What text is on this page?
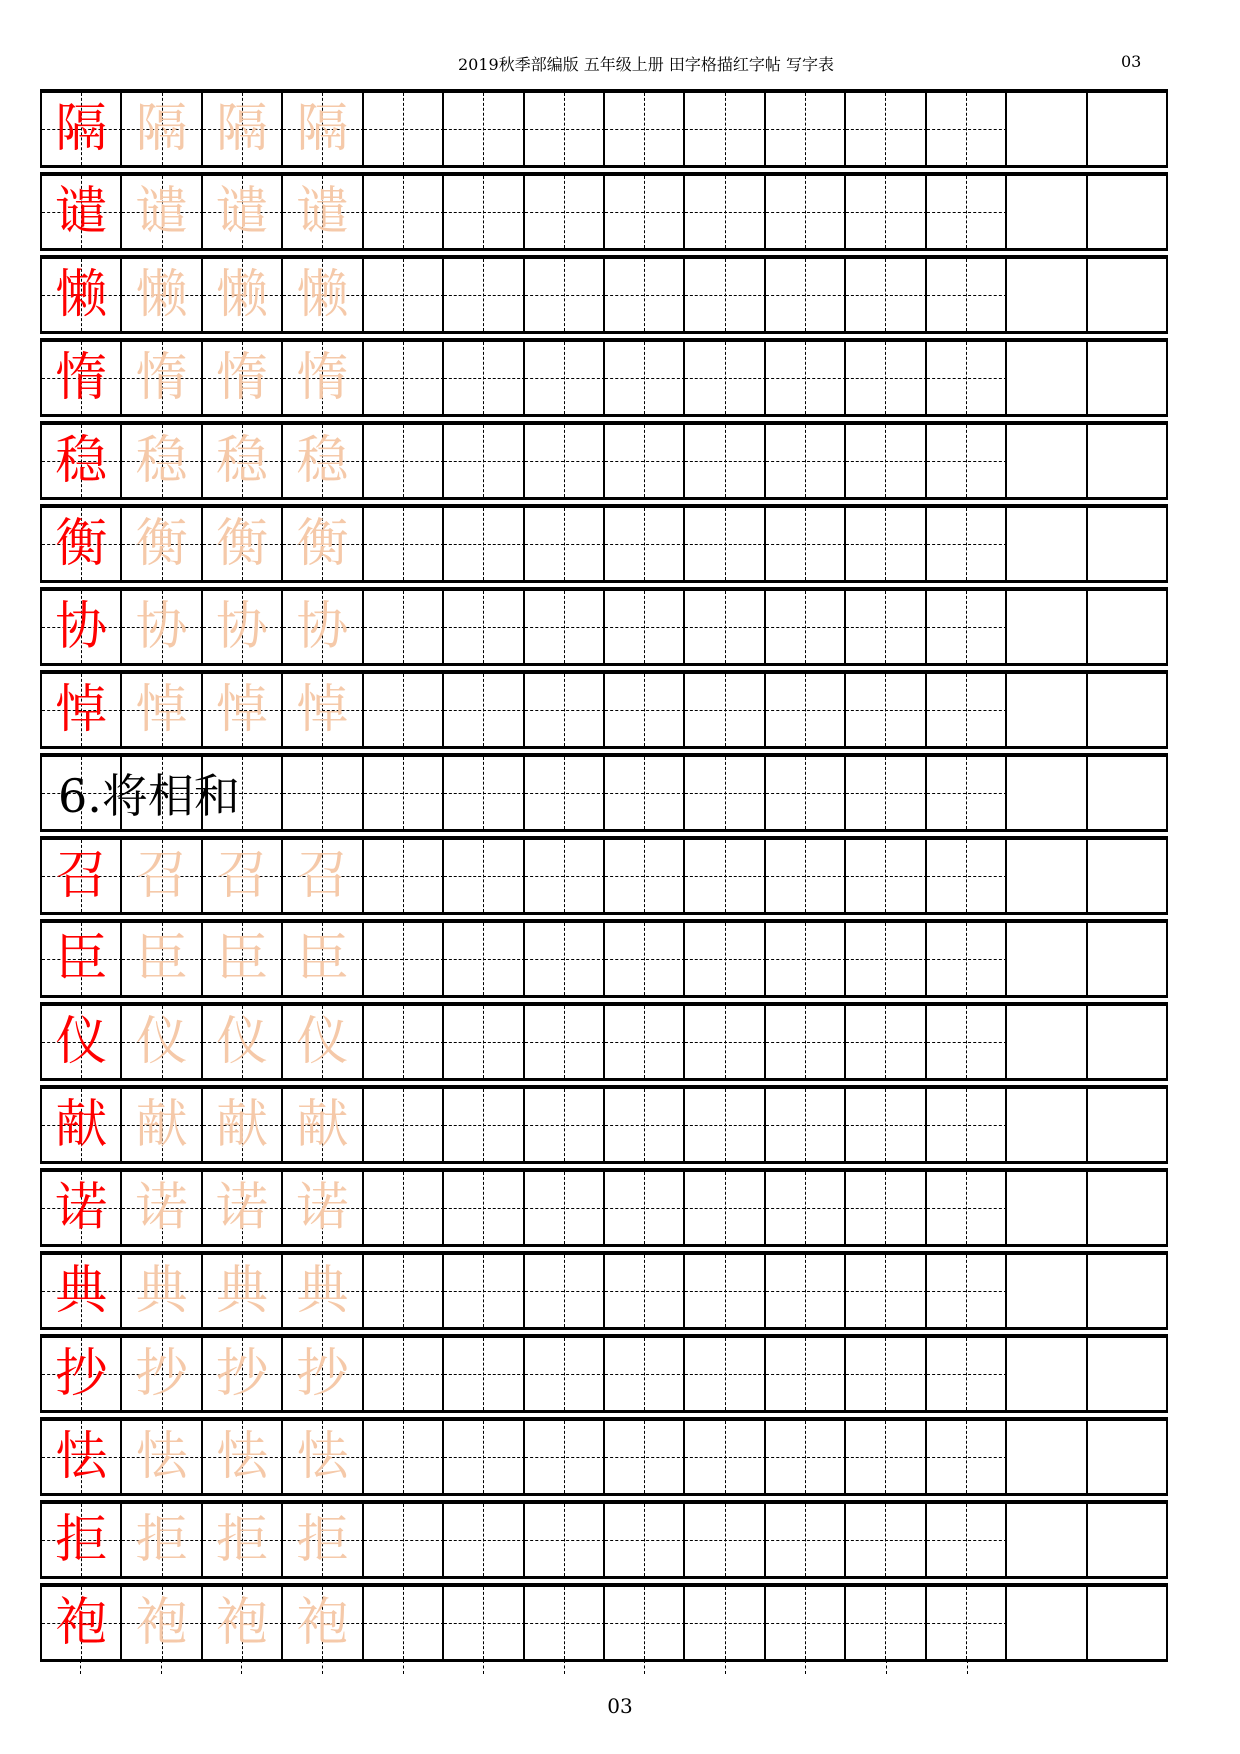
2019秋季部编版 五年级上册 田字格描红字帖 写字表	03
隔 隔 隔 隔
谴 谴 谴 谴
懒 懒 懒 懒
惰 惰 惰 惰
稳 稳 稳 稳
衡 衡 衡 衡
协 协 协 协
悼 悼 悼 悼
6.将相和
召 召 召 召
臣 臣 臣 臣
仪 仪 仪 仪
献 献 献 献
诺 诺 诺 诺
典 典 典 典
抄 抄 抄 抄
怯 怯 怯 怯
拒 拒 拒 拒
袍 袍 袍 袍
03
